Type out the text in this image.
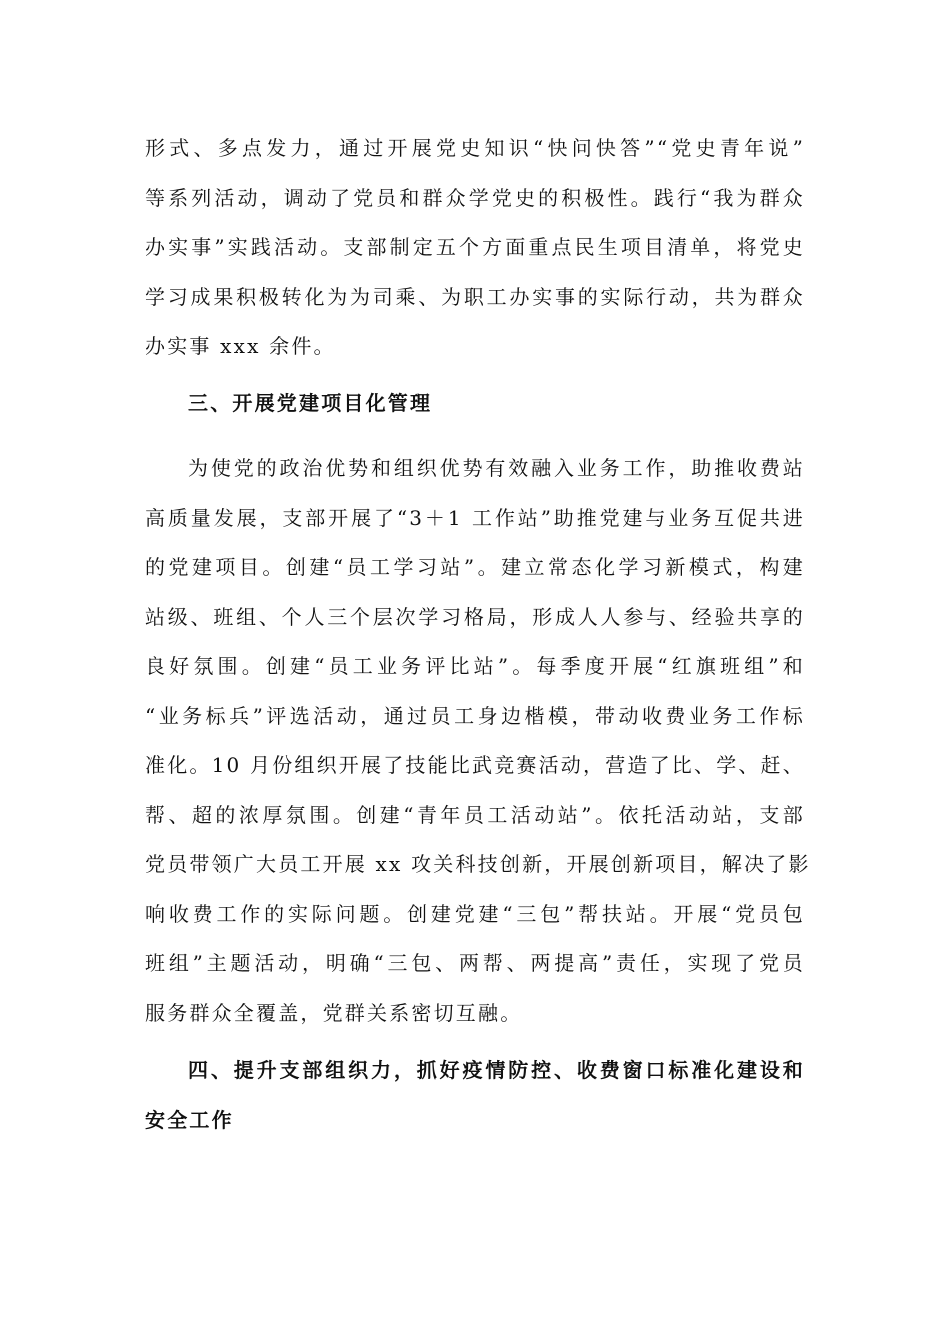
形式、多点发力，通过开展党史知识“快问快答”“党史青年说”
等系列活动，调动了党员和群众学党史的积极性。践行“我为群众
办实事”实践活动。支部制定五个方面重点民生项目清单，将党史
学习成果积极转化为为司乘、为职工办实事的实际行动，共为群众
办实事 xxx 余件。
三、开展党建项目化管理
为使党的政治优势和组织优势有效融入业务工作，助推收费站
高质量发展，支部开展了“3＋1 工作站”助推党建与业务互促共进
的党建项目。创建“员工学习站”。建立常态化学习新模式，构建
站级、班组、个人三个层次学习格局，形成人人参与、经验共享的
良好氛围。创建“员工业务评比站”。每季度开展“红旗班组”和
“业务标兵”评选活动，通过员工身边楷模，带动收费业务工作标
准化。10 月份组织开展了技能比武竞赛活动，营造了比、学、赶、
帮、超的浓厚氛围。创建“青年员工活动站”。依托活动站，支部
党员带领广大员工开展 xx 攻关科技创新，开展创新项目，解决了影
响收费工作的实际问题。创建党建“三包”帮扶站。开展“党员包
班组”主题活动，明确“三包、两帮、两提高”责任，实现了党员
服务群众全覆盖，党群关系密切互融。
四、提升支部组织力，抓好疫情防控、收费窗口标准化建设和
安全工作
